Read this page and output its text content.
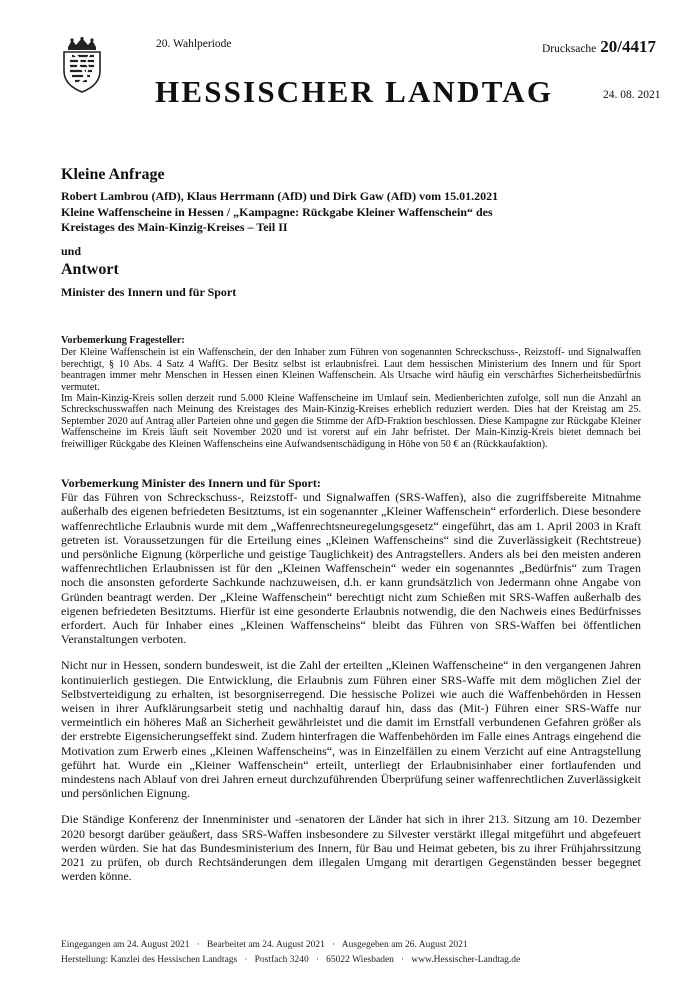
20. Wahlperiode	Drucksache 20/4417
HESSISCHER LANDTAG	24. 08. 2021
Kleine Anfrage
Robert Lambrou (AfD), Klaus Herrmann (AfD) und Dirk Gaw (AfD) vom 15.01.2021
Kleine Waffenscheine in Hessen / „Kampagne: Rückgabe Kleiner Waffenschein“ des
Kreistages des Main-Kinzig-Kreises – Teil II
und
Antwort
Minister des Innern und für Sport
Vorbemerkung Fragesteller:

Der Kleine Waffenschein ist ein Waffenschein, der den Inhaber zum Führen von sogenannten Schreckschuss-, Reizstoff- und Signalwaffen berechtigt, § 10 Abs. 4 Satz 4 WaffG. Der Besitz selbst ist erlaubnisfrei. Laut dem hessischen Ministerium des Innern und für Sport beantragen immer mehr Menschen in Hessen einen Kleinen Waffenschein. Als Ursache wird häufig ein verschärftes Sicherheitsbedürfnis vermutet.

Im Main-Kinzig-Kreis sollen derzeit rund 5.000 Kleine Waffenscheine im Umlauf sein. Medienberichten zufolge, soll nun die Anzahl an Schreckschusswaffen nach Meinung des Kreistages des Main-Kinzig-Kreises erheblich reduziert werden. Dies hat der Kreistag am 25. September 2020 auf Antrag aller Parteien ohne und gegen die Stimme der AfD-Fraktion beschlossen. Diese Kampagne zur Rückgabe Kleiner Waffenscheine im Kreis läuft seit November 2020 und ist vorerst auf ein Jahr befristet. Der Main-Kinzig-Kreis bietet demnach bei freiwilliger Rückgabe des Kleinen Waffenscheins eine Aufwandsentschädigung in Höhe von 50 € an (Rückkaufaktion).

Vorbemerkung Minister des Innern und für Sport:

Für das Führen von Schreckschuss-, Reizstoff- und Signalwaffen (SRS-Waffen), also die zugriffsbereite Mitnahme außerhalb des eigenen befriedeten Besitztums, ist ein sogenannter „Kleiner Waffenschein“ erforderlich. Diese besondere waffenrechtliche Erlaubnis wurde mit dem „Waffenrechtsneuregelungsgesetz“ eingeführt, das am 1. April 2003 in Kraft getreten ist. Voraussetzungen für die Erteilung eines „Kleinen Waffenscheins“ sind die Zuverlässigkeit (Rechtstreue) und persönliche Eignung (körperliche und geistige Tauglichkeit) des Antragstellers. Anders als bei den meisten anderen waffenrechtlichen Erlaubnissen ist für den „Kleinen Waffenschein“ weder ein sogenanntes „Bedürfnis“ zum Tragen noch die ansonsten geforderte Sachkunde nachzuweisen, d.h. er kann grundsätzlich von Jedermann ohne Angabe von Gründen beantragt werden. Der „Kleine Waffenschein“ berechtigt nicht zum Schießen mit SRS-Waffen außerhalb des eigenen befriedeten Besitztums. Hierfür ist eine gesonderte Erlaubnis notwendig, die den Nachweis eines Bedürfnisses erfordert. Auch für Inhaber eines „Kleinen Waffenscheins“ bleibt das Führen von SRS-Waffen bei öffentlichen Veranstaltungen verboten.

Nicht nur in Hessen, sondern bundesweit, ist die Zahl der erteilten „Kleinen Waffenscheine“ in den vergangenen Jahren kontinuierlich gestiegen. Die Entwicklung, die Erlaubnis zum Führen einer SRS-Waffe mit dem möglichen Ziel der Selbstverteidigung zu erhalten, ist besorgniserregend. Die hessische Polizei wie auch die Waffenbehörden in Hessen weisen in ihrer Aufklärungsarbeit stetig und nachhaltig darauf hin, dass das (Mit-) Führen einer SRS-Waffe nur vermeintlich ein höheres Maß an Sicherheit gewährleistet und die damit im Ernstfall verbundenen Gefahren größer als der erstrebte Eigensicherungseffekt sind. Zudem hinterfragen die Waffenbehörden im Falle eines Antrags eingehend die Motivation zum Erwerb eines „Kleinen Waffenscheins“, was in Einzelfällen zu einem Verzicht auf eine Antragstellung geführt hat. Wurde ein „Kleiner Waffenschein“ erteilt, unterliegt der Erlaubnisinhaber einer fortlaufenden und mindestens nach Ablauf von drei Jahren erneut durchzuführenden Überprüfung seiner waffenrechtlichen Zuverlässigkeit und persönlichen Eignung.

Die Ständige Konferenz der Innenminister und -senatoren der Länder hat sich in ihrer 213. Sitzung am 10. Dezember 2020 besorgt darüber geäußert, dass SRS-Waffen insbesondere zu Silvester verstärkt illegal mitgeführt und abgefeuert werden würden. Sie hat das Bundesministerium des Innern, für Bau und Heimat gebeten, bis zu ihrer Frühjahrssitzung 2021 zu prüfen, ob durch Rechtsänderungen dem illegalen Umgang mit derartigen Gegenständen besser begegnet werden könne.

Eingegangen am 24. August 2021   ·   Bearbeitet am 24. August 2021   ·   Ausgegeben am 26. August 2021
Herstellung: Kanzlei des Hessischen Landtags   ·   Postfach 3240   ·   65022 Wiesbaden   ·   www.Hessischer-Landtag.de
